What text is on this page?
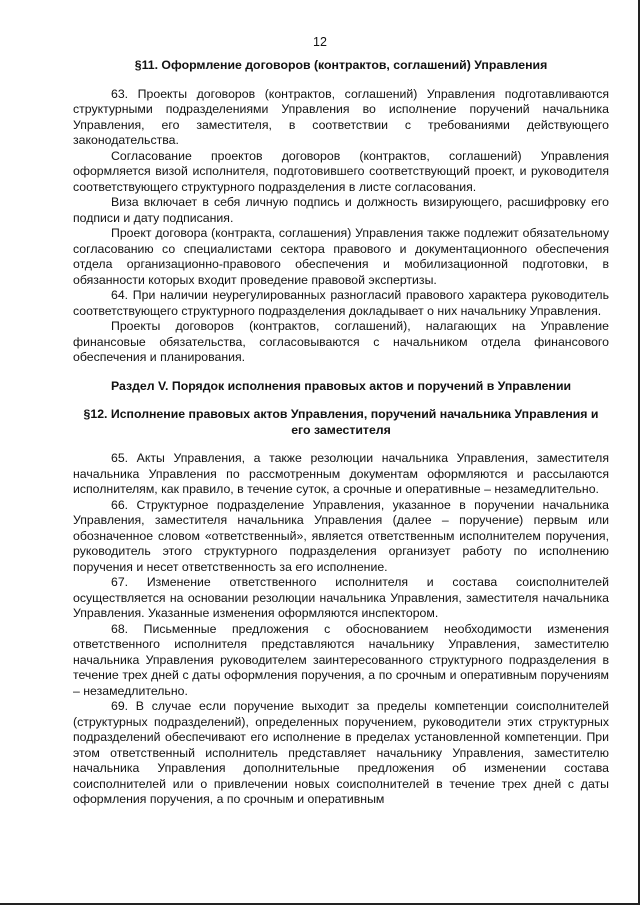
12
§11. Оформление договоров (контрактов, соглашений) Управления

63. Проекты договоров (контрактов, соглашений) Управления подготавливаются структурными подразделениями Управления во исполнение поручений начальника Управления, его заместителя, в соответствии с требованиями действующего законодательства.

Согласование проектов договоров (контрактов, соглашений) Управления оформляется визой исполнителя, подготовившего соответствующий проект, и руководителя соответствующего структурного подразделения в листе согласования.

Виза включает в себя личную подпись и должность визирующего, расшифровку его подписи и дату подписания.

Проект договора (контракта, соглашения) Управления также подлежит обязательному согласованию со специалистами сектора правового и документационного обеспечения отдела организационно-правового обеспечения и мобилизационной подготовки, в обязанности которых входит проведение правовой экспертизы.

64. При наличии неурегулированных разногласий правового характера руководитель соответствующего структурного подразделения докладывает о них начальнику Управления.

Проекты договоров (контрактов, соглашений), налагающих на Управление финансовые обязательства, согласовываются с начальником отдела финансового обеспечения и планирования.

Раздел V. Порядок исполнения правовых актов и поручений в Управлении
§12. Исполнение правовых актов Управления, поручений начальника Управления и его заместителя

65. Акты Управления, а также резолюции начальника Управления, заместителя начальника Управления по рассмотренным документам оформляются и рассылаются исполнителям, как правило, в течение суток, а срочные и оперативные – незамедлительно.

66. Структурное подразделение Управления, указанное в поручении начальника Управления, заместителя начальника Управления (далее – поручение) первым или обозначенное словом «ответственный», является ответственным исполнителем поручения, руководитель этого структурного подразделения организует работу по исполнению поручения и несет ответственность за его исполнение.

67. Изменение ответственного исполнителя и состава соисполнителей осуществляется на основании резолюции начальника Управления, заместителя начальника Управления. Указанные изменения оформляются инспектором.

68. Письменные предложения с обоснованием необходимости изменения ответственного исполнителя представляются начальнику Управления, заместителю начальника Управления руководителем заинтересованного структурного подразделения в течение трех дней с даты оформления поручения, а по срочным и оперативным поручениям – незамедлительно.

69. В случае если поручение выходит за пределы компетенции соисполнителей (структурных подразделений), определенных поручением, руководители этих структурных подразделений обеспечивают его исполнение в пределах установленной компетенции. При этом ответственный исполнитель представляет начальнику Управления, заместителю начальника Управления дополнительные предложения об изменении состава соисполнителей или о привлечении новых соисполнителей в течение трех дней с даты оформления поручения, а по срочным и оперативным
